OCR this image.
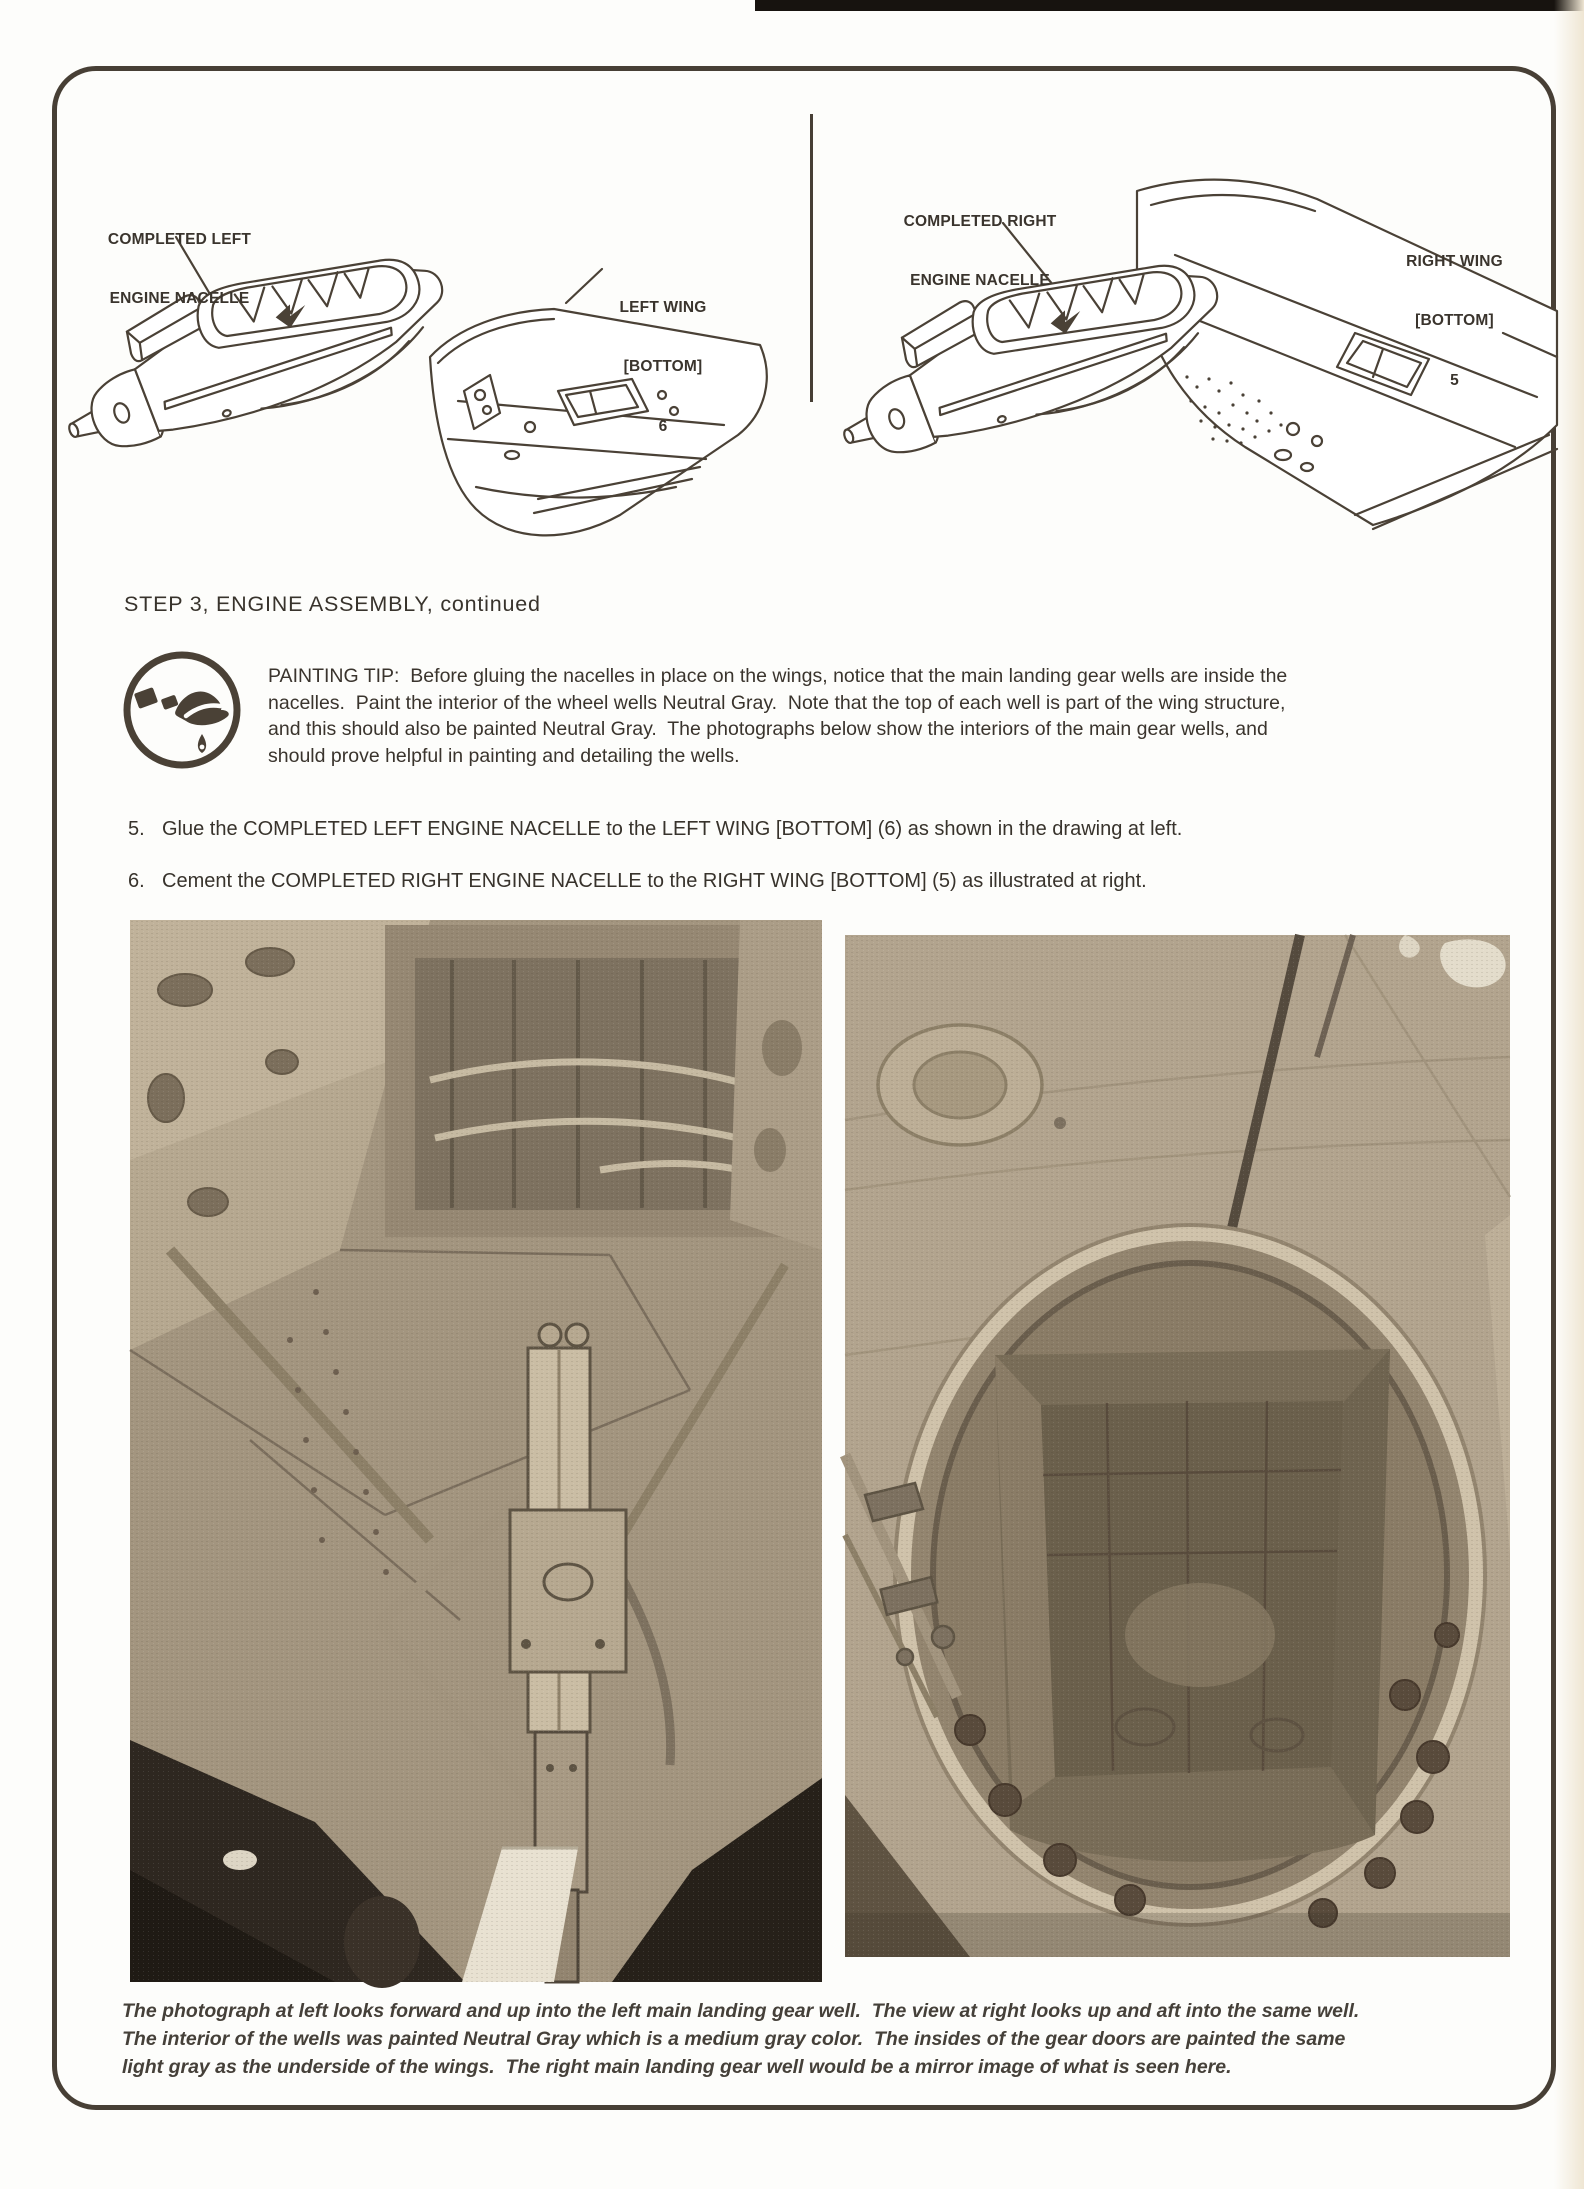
COMPLETED LEFT

ENGINE NACELLE

LEFT WING

[BOTTOM]

6

COMPLETED RIGHT

ENGINE NACELLE

RIGHT WING

[BOTTOM]

5

STEP 3, ENGINE ASSEMBLY, continued
PAINTING TIP:  Before gluing the nacelles in place on the wings, notice that the main landing gear wells are inside the
nacelles.  Paint the interior of the wheel wells Neutral Gray.  Note that the top of each well is part of the wing structure,
and this should also be painted Neutral Gray.  The photographs below show the interiors of the main gear wells, and
should prove helpful in painting and detailing the wells.
5. Glue the COMPLETED LEFT ENGINE NACELLE to the LEFT WING [BOTTOM] (6) as shown in the drawing at left.
6. Cement the COMPLETED RIGHT ENGINE NACELLE to the RIGHT WING [BOTTOM] (5) as illustrated at right.
The photograph at left looks forward and up into the left main landing gear well.  The view at right looks up and aft into the same well.
The interior of the wells was painted Neutral Gray which is a medium gray color.  The insides of the gear doors are painted the same
light gray as the underside of the wings.  The right main landing gear well would be a mirror image of what is seen here.
